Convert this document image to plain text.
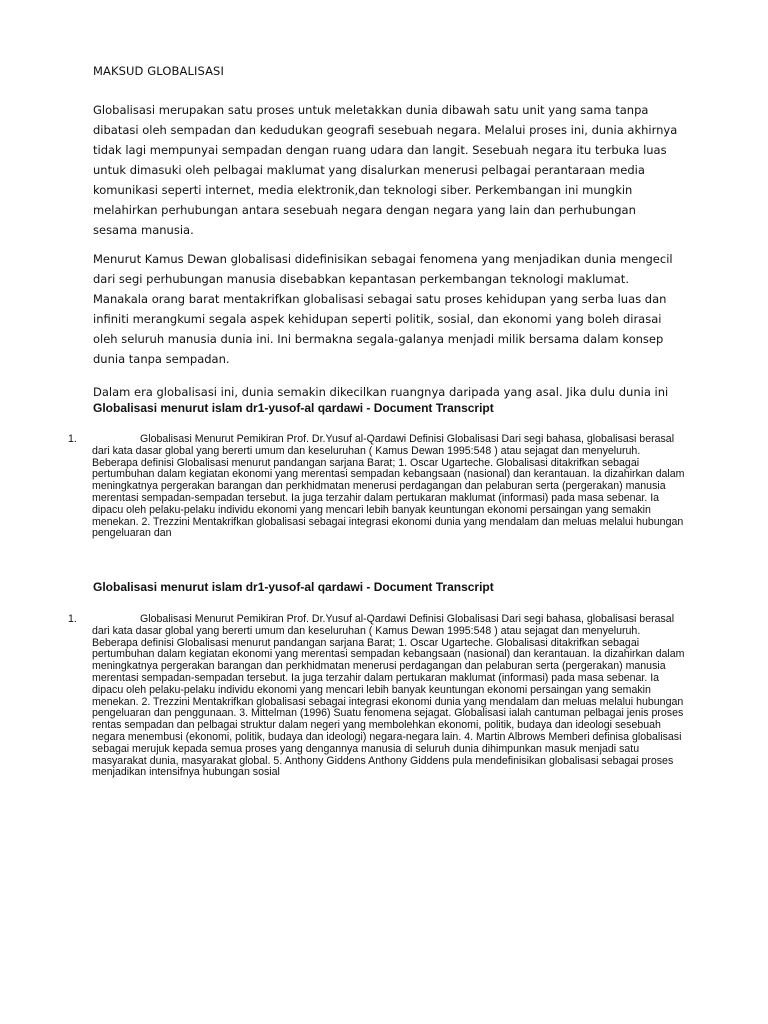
MAKSUD GLOBALISASI

Globalisasi merupakan satu proses untuk meletakkan dunia dibawah satu unit yang sama tanpa dibatasi oleh sempadan dan kedudukan geografi sesebuah negara. Melalui proses ini, dunia akhirnya tidak lagi mempunyai sempadan dengan ruang udara dan langit. Sesebuah negara itu terbuka luas untuk dimasuki oleh pelbagai maklumat yang disalurkan menerusi pelbagai perantaraan media komunikasi seperti internet, media elektronik,dan teknologi siber. Perkembangan ini mungkin melahirkan perhubungan antara sesebuah negara dengan negara yang lain dan perhubungan sesama manusia.

Menurut Kamus Dewan globalisasi didefinisikan sebagai fenomena yang menjadikan dunia mengecil dari segi perhubungan manusia disebabkan kepantasan perkembangan teknologi maklumat. Manakala orang barat mentakrifkan globalisasi sebagai satu proses kehidupan yang serba luas dan infiniti merangkumi segala aspek kehidupan seperti politik, sosial, dan ekonomi yang boleh dirasai oleh seluruh manusia dunia ini. Ini bermakna segala-galanya menjadi milik bersama dalam konsep dunia tanpa sempadan.

Dalam era globalisasi ini, dunia semakin dikecilkan ruangnya daripada yang asal. Jika dulu dunia ini

Globalisasi menurut islam dr1-yusof-al qardawi - Document Transcript
1.	Globalisasi Menurut Pemikiran Prof. Dr.Yusuf al-Qardawi Definisi Globalisasi Dari segi bahasa, globalisasi berasal dari kata dasar global yang bererti umum dan keseluruhan ( Kamus Dewan 1995:548 ) atau sejagat dan menyeluruh. Beberapa definisi Globalisasi menurut pandangan sarjana Barat; 1. Oscar Ugarteche. Globalisasi ditakrifkan sebagai pertumbuhan dalam kegiatan ekonomi yang merentasi sempadan kebangsaan (nasional) dan kerantauan. Ia dizahirkan dalam meningkatnya pergerakan barangan dan perkhidmatan menerusi perdagangan dan pelaburan serta (pergerakan) manusia merentasi sempadan-sempadan tersebut. Ia juga terzahir dalam pertukaran maklumat (informasi) pada masa sebenar. Ia dipacu oleh pelaku-pelaku individu ekonomi yang mencari lebih banyak keuntungan ekonomi persaingan yang semakin menekan. 2. Trezzini Mentakrifkan globalisasi sebagai integrasi ekonomi dunia yang mendalam dan meluas melalui hubungan pengeluaran dan
Globalisasi menurut islam dr1-yusof-al qardawi - Document Transcript
1.	Globalisasi Menurut Pemikiran Prof. Dr.Yusuf al-Qardawi Definisi Globalisasi Dari segi bahasa, globalisasi berasal dari kata dasar global yang bererti umum dan keseluruhan ( Kamus Dewan 1995:548 ) atau sejagat dan menyeluruh. Beberapa definisi Globalisasi menurut pandangan sarjana Barat; 1. Oscar Ugarteche. Globalisasi ditakrifkan sebagai pertumbuhan dalam kegiatan ekonomi yang merentasi sempadan kebangsaan (nasional) dan kerantauan. Ia dizahirkan dalam meningkatnya pergerakan barangan dan perkhidmatan menerusi perdagangan dan pelaburan serta (pergerakan) manusia merentasi sempadan-sempadan tersebut. Ia juga terzahir dalam pertukaran maklumat (informasi) pada masa sebenar. Ia dipacu oleh pelaku-pelaku individu ekonomi yang mencari lebih banyak keuntungan ekonomi persaingan yang semakin menekan. 2. Trezzini Mentakrifkan globalisasi sebagai integrasi ekonomi dunia yang mendalam dan meluas melalui hubungan pengeluaran dan penggunaan. 3. Mittelman (1996) Suatu fenomena sejagat. Globalisasi ialah cantuman pelbagai jenis proses rentas sempadan dan pelbagai struktur dalam negeri yang membolehkan ekonomi, politik, budaya dan ideologi sesebuah negara menembusi (ekonomi, politik, budaya dan ideologi) negara-negara lain. 4. Martin Albrows Memberi definisa globalisasi sebagai merujuk kepada semua proses yang dengannya manusia di seluruh dunia dihimpunkan masuk menjadi satu masyarakat dunia, masyarakat global. 5. Anthony Giddens Anthony Giddens pula mendefinisikan globalisasi sebagai proses menjadikan intensifnya hubungan sosial
